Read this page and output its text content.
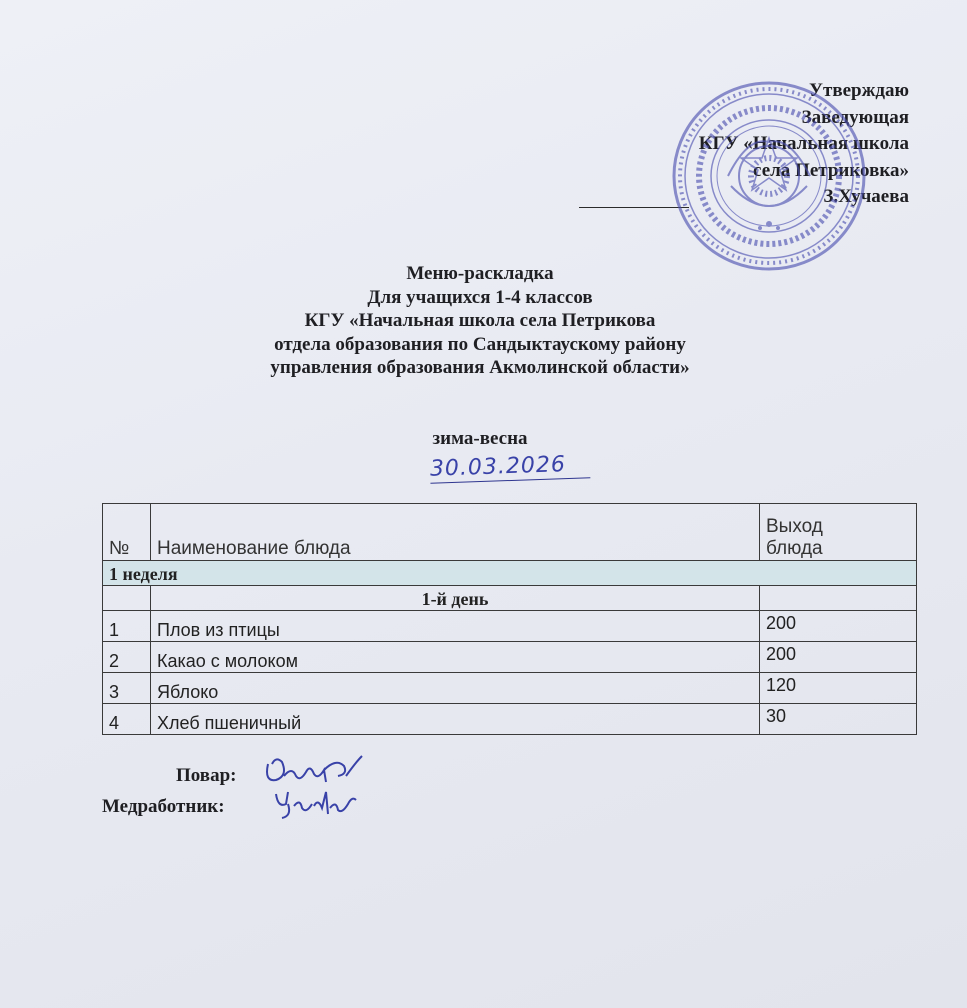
Утверждаю
Заведующая
КГУ «Начальная школа
села Петриковка»
З.Хучаева
Меню-раскладка
Для учащихся 1-4 классов
КГУ «Начальная школа села Петрикова
отдела образования по Сандыктаускому району
управления образования Акмолинской области»
зима-весна
30.03.2026
№	Наименование блюда	Выход
блюда

1 неделя		
	1-й день	
1	Плов из птицы	200
2	Какао с молоком	200
3	Яблоко	120
4	Хлеб пшеничный	30
Повар:
Медработник:
